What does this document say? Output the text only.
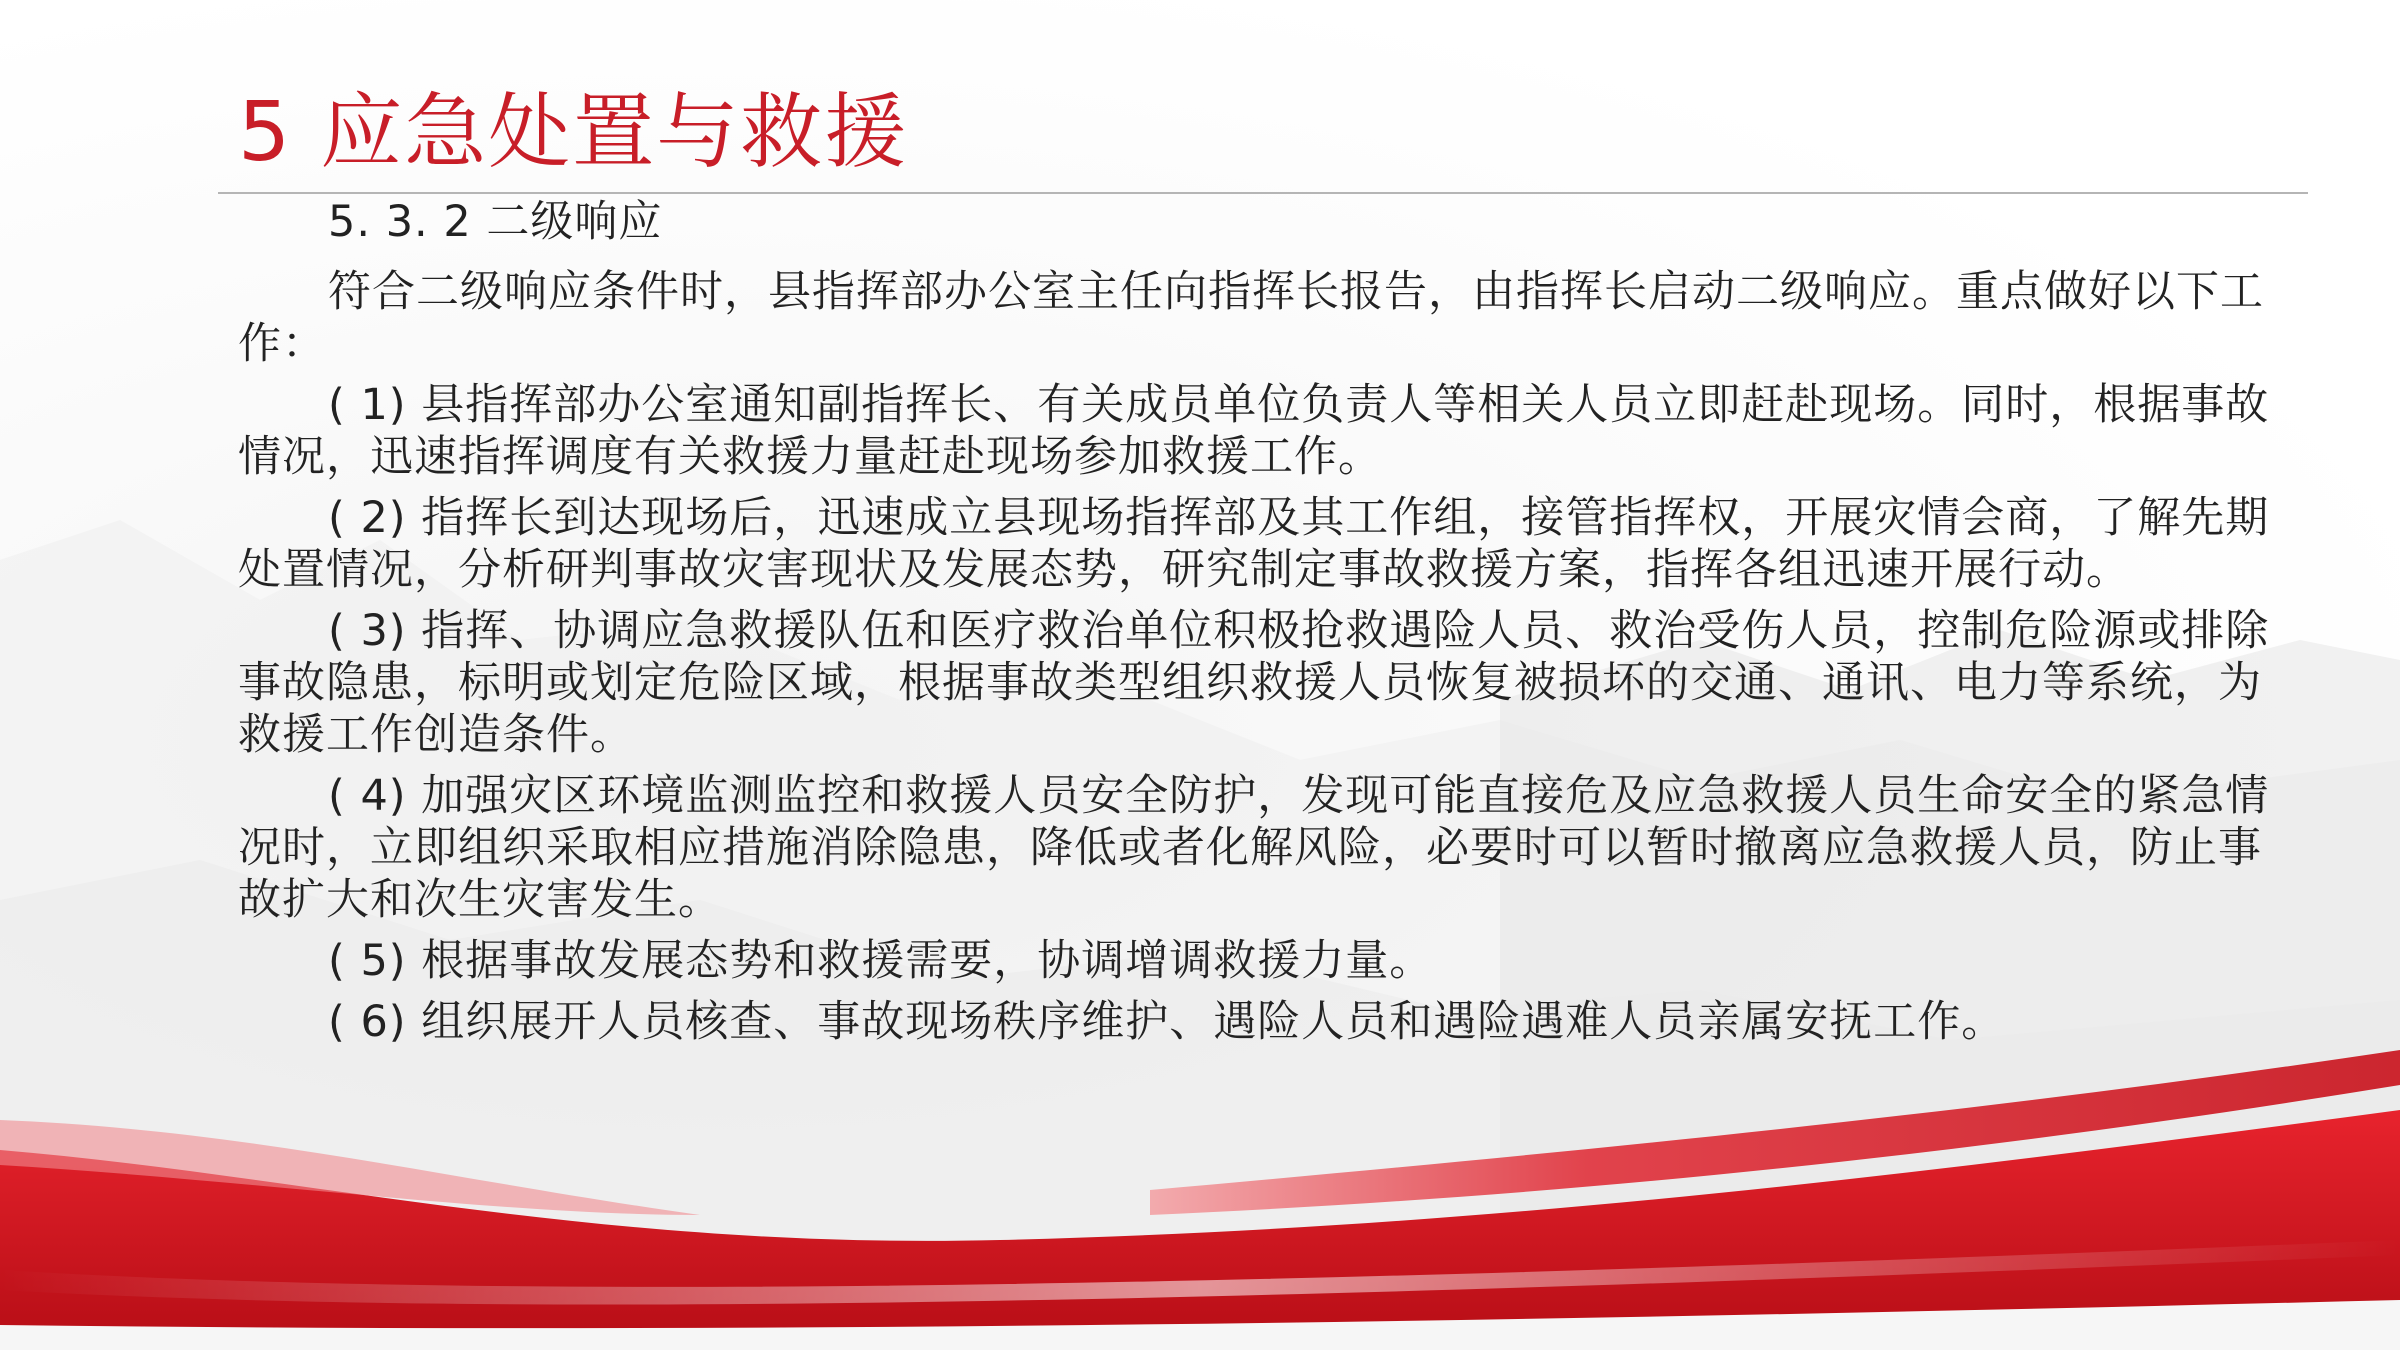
5 应急处置与救援

5. 3. 2 二级响应

符合二级响应条件时，县指挥部办公室主任向指挥长报告，由指挥长启动二级响应。重点做好以下工作：

( 1) 县指挥部办公室通知副指挥长、有关成员单位负责人等相关人员立即赶赴现场。同时，根据事故情况，迅速指挥调度有关救援力量赶赴现场参加救援工作。

( 2) 指挥长到达现场后，迅速成立县现场指挥部及其工作组，接管指挥权，开展灾情会商，了解先期处置情况，分析研判事故灾害现状及发展态势，研究制定事故救援方案，指挥各组迅速开展行动。

( 3) 指挥、协调应急救援队伍和医疗救治单位积极抢救遇险人员、救治受伤人员，控制危险源或排除事故隐患，标明或划定危险区域，根据事故类型组织救援人员恢复被损坏的交通、通讯、电力等系统，为救援工作创造条件。

( 4) 加强灾区环境监测监控和救援人员安全防护，发现可能直接危及应急救援人员生命安全的紧急情况时，立即组织采取相应措施消除隐患，降低或者化解风险，必要时可以暂时撤离应急救援人员，防止事故扩大和次生灾害发生。

( 5) 根据事故发展态势和救援需要，协调增调救援力量。

( 6) 组织展开人员核查、事故现场秩序维护、遇险人员和遇险遇难人员亲属安抚工作。
